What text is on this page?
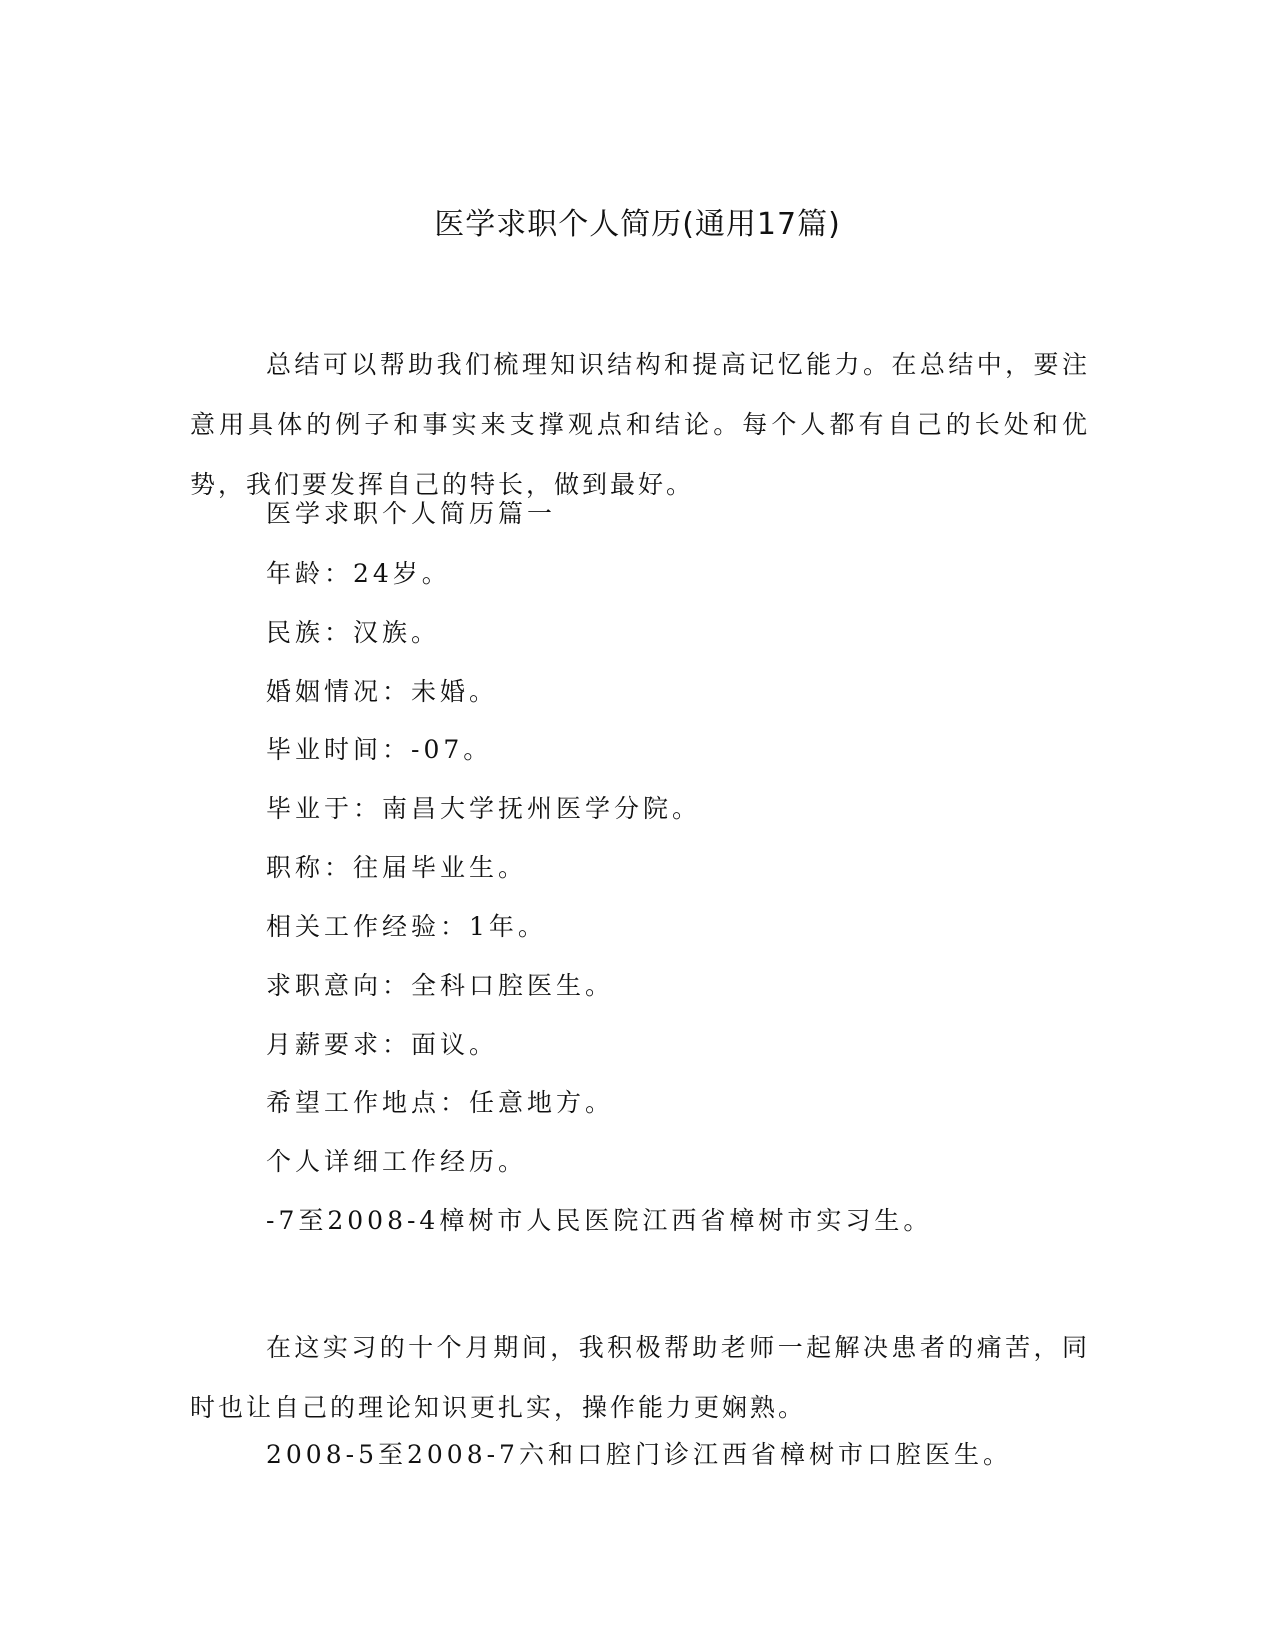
医学求职个人简历(通用17篇)

总结可以帮助我们梳理知识结构和提高记忆能力。在总结中，要注意用具体的例子和事实来支撑观点和结论。每个人都有自己的长处和优势，我们要发挥自己的特长，做到最好。

医学求职个人简历篇一

年龄：24岁。

民族：汉族。

婚姻情况：未婚。

毕业时间：-07。

毕业于：南昌大学抚州医学分院。

职称：往届毕业生。

相关工作经验：1年。

求职意向：全科口腔医生。

月薪要求：面议。

希望工作地点：任意地方。

个人详细工作经历。

-7至2008-4樟树市人民医院江西省樟树市实习生。

在这实习的十个月期间，我积极帮助老师一起解决患者的痛苦，同时也让自己的理论知识更扎实，操作能力更娴熟。

2008-5至2008-7六和口腔门诊江西省樟树市口腔医生。
